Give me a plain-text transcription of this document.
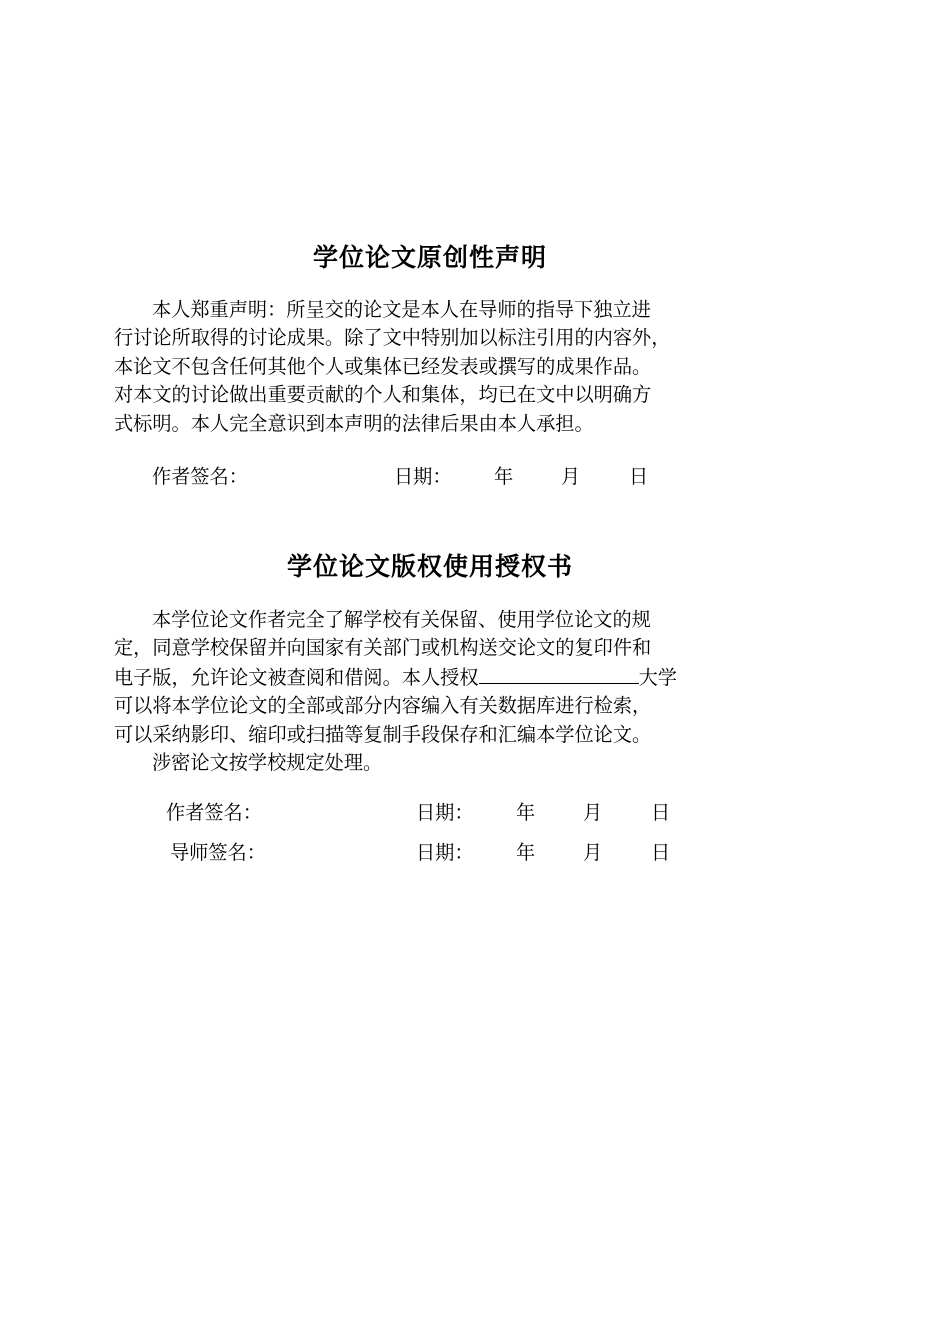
学位论文原创性声明
本人郑重声明：所呈交的论文是本人在导师的指导下独立进
行讨论所取得的讨论成果。除了文中特别加以标注引用的内容外，
本论文不包含任何其他个人或集体已经发表或撰写的成果作品。
对本文的讨论做出重要贡献的个人和集体，均已在文中以明确方
式标明。本人完全意识到本声明的法律后果由本人承担。
作者签名：	日期： 年 月	日
学位论文版权使用授权书
本学位论文作者完全了解学校有关保留、使用学位论文的规
定，同意学校保留并向国家有关部门或机构送交论文的复印件和
电子版，允许论文被查阅和借阅。本人授权	大学
可以将本学位论文的全部或部分内容编入有关数据库进行检索，
可以采纳影印、缩印或扫描等复制手段保存和汇编本学位论文。
涉密论文按学校规定处理。
作者签名：	日期： 年 月	日
导师签名：	日期： 年 月	日
